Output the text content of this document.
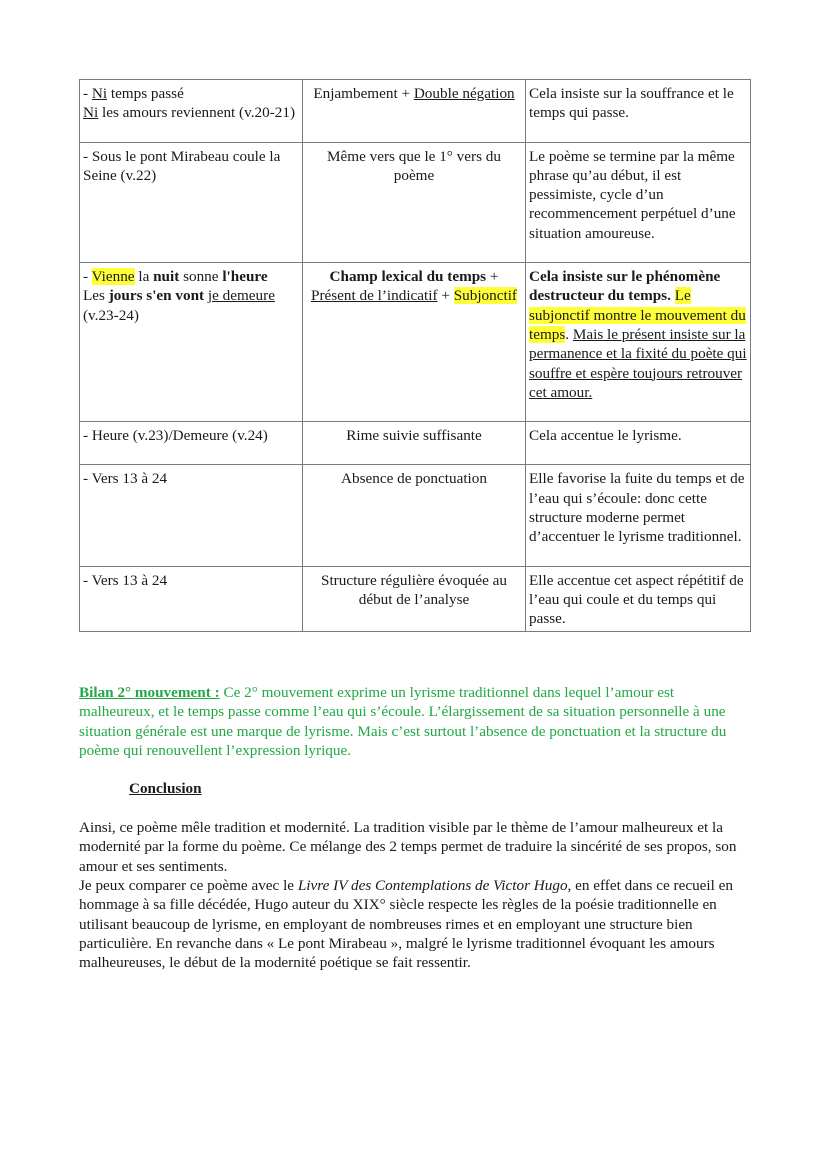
- Ni temps passé
Ni les amours reviennent (v.20-21)	Enjambement + Double négation	Cela insiste sur la souffrance et le temps qui passe.
- Sous le pont Mirabeau coule la Seine (v.22)	Même vers que le 1° vers du poème	Le poème se termine par la même phrase qu’au début, il est pessimiste, cycle d’un recommencement perpétuel d’une situation amoureuse.
- Vienne la nuit sonne l'heure
Les jours s'en vont je demeure (v.23-24)	Champ lexical du temps + Présent de l’indicatif + Subjonctif	Cela insiste sur le phénomène destructeur du temps. Le subjonctif montre le mouvement du temps. Mais le présent insiste sur la permanence et la fixité du poète qui souffre et espère toujours retrouver cet amour.
- Heure (v.23)/Demeure (v.24)	Rime suivie suffisante	Cela accentue le lyrisme.
- Vers 13 à 24	Absence de ponctuation	Elle favorise la fuite du temps et de l’eau qui s’écoule: donc cette structure moderne permet d’accentuer le lyrisme traditionnel.
- Vers 13 à 24	Structure régulière évoquée au début de l’analyse	Elle accentue cet aspect répétitif de l’eau qui coule et du temps qui passe.

Bilan 2° mouvement : Ce 2° mouvement exprime un lyrisme traditionnel dans lequel l’amour est malheureux, et le temps passe comme l’eau qui s’écoule. L’élargissement de sa situation personnelle à une situation générale est une marque de lyrisme. Mais c’est surtout l’absence de ponctuation et la structure du poème qui renouvellent l’expression lyrique.

Conclusion

Ainsi, ce poème mêle tradition et modernité. La tradition visible par le thème de l’amour malheureux et la modernité par la forme du poème. Ce mélange des 2 temps permet de traduire la sincérité de ses propos, son amour et ses sentiments.

Je peux comparer ce poème avec le Livre IV des Contemplations de Victor Hugo, en effet dans ce recueil en hommage à sa fille décédée, Hugo auteur du XIX° siècle respecte les règles de la poésie traditionnelle en utilisant beaucoup de lyrisme, en employant de nombreuses rimes et en employant une structure bien particulière. En revanche dans « Le pont Mirabeau », malgré le lyrisme traditionnel évoquant les amours malheureuses, le début de la modernité poétique se fait ressentir.
